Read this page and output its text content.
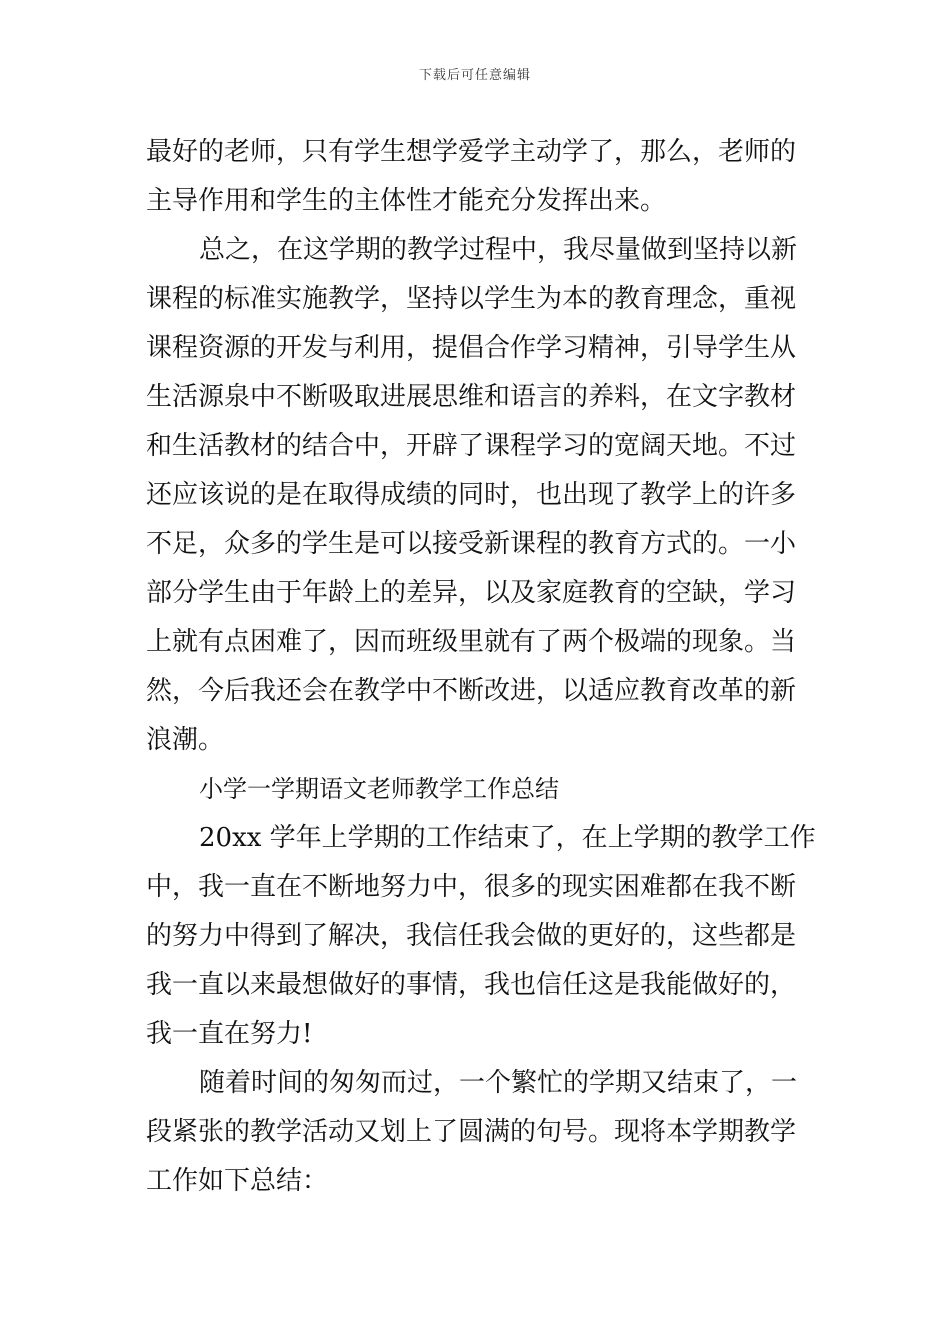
下载后可任意编辑
最好的老师，只有学生想学爱学主动学了，那么，老师的
主导作用和学生的主体性才能充分发挥出来。
总之，在这学期的教学过程中，我尽量做到坚持以新
课程的标准实施教学，坚持以学生为本的教育理念，重视
课程资源的开发与利用，提倡合作学习精神，引导学生从
生活源泉中不断吸取进展思维和语言的养料，在文字教材
和生活教材的结合中，开辟了课程学习的宽阔天地。不过
还应该说的是在取得成绩的同时，也出现了教学上的许多
不足，众多的学生是可以接受新课程的教育方式的。一小
部分学生由于年龄上的差异，以及家庭教育的空缺，学习
上就有点困难了，因而班级里就有了两个极端的现象。当
然，今后我还会在教学中不断改进，以适应教育改革的新
浪潮。
小学一学期语文老师教学工作总结
20xx 学年上学期的工作结束了，在上学期的教学工作
中，我一直在不断地努力中，很多的现实困难都在我不断
的努力中得到了解决，我信任我会做的更好的，这些都是
我一直以来最想做好的事情，我也信任这是我能做好的，
我一直在努力!
随着时间的匆匆而过，一个繁忙的学期又结束了，一
段紧张的教学活动又划上了圆满的句号。现将本学期教学
工作如下总结：
